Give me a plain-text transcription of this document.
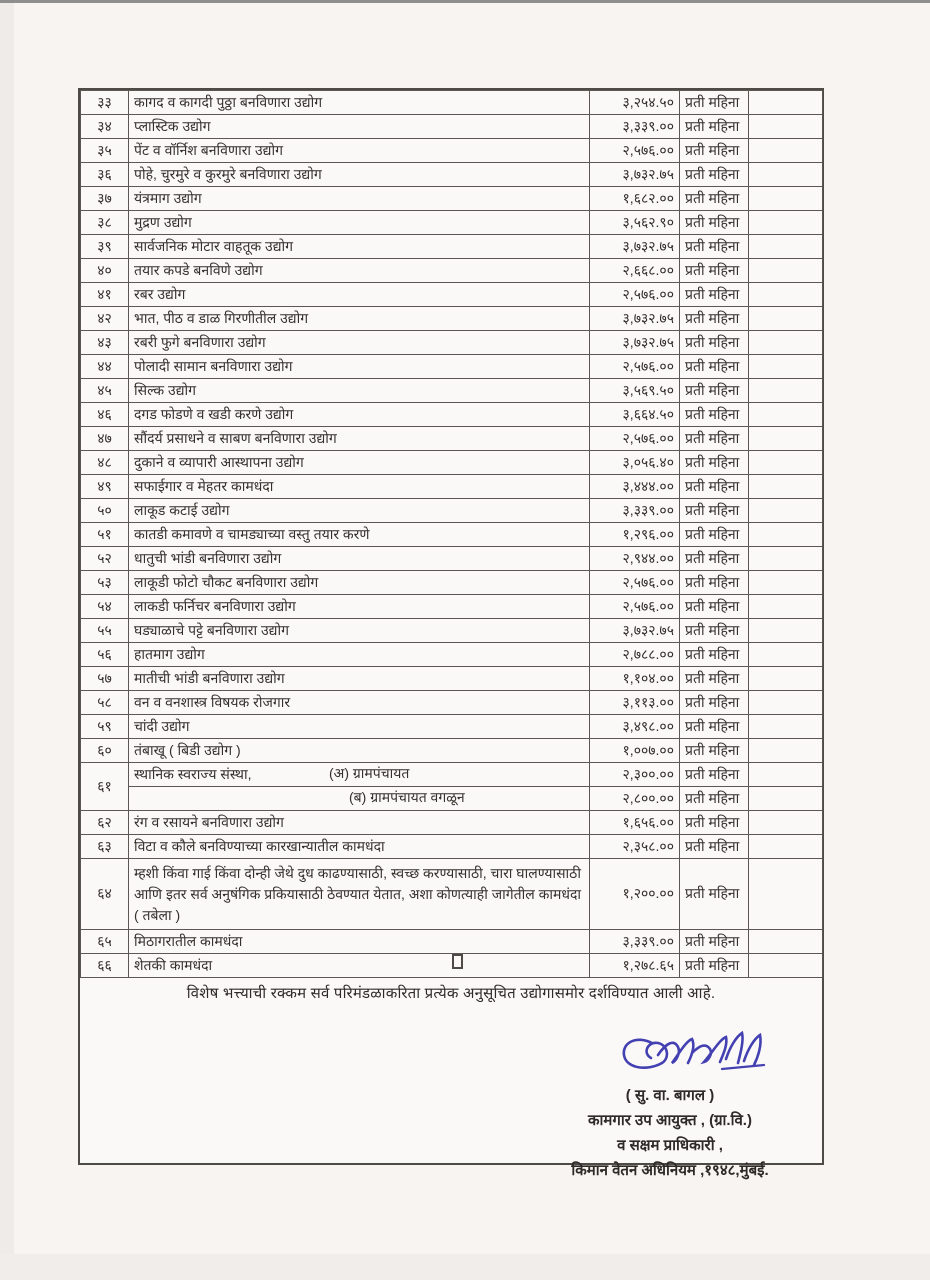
३३	कागद व कागदी पुठ्ठा बनविणारा उद्योग	३,२५४.५०	प्रती महिना	
३४	प्लास्टिक उद्योग	३,३३९.००	प्रती महिना	
३५	पेंट व वॉर्निश बनविणारा उद्योग	२,५७६.००	प्रती महिना	
३६	पोहे, चुरमुरे व कुरमुरे बनविणारा उद्योग	३,७३२.७५	प्रती महिना	
३७	यंत्रमाग उद्योग	१,६८२.००	प्रती महिना	
३८	मुद्रण उद्योग	३,५६२.९०	प्रती महिना	
३९	सार्वजनिक मोटार वाहतूक उद्योग	३,७३२.७५	प्रती महिना	
४०	तयार कपडे बनविणे उद्योग	२,६६८.००	प्रती महिना	
४१	रबर उद्योग	२,५७६.००	प्रती महिना	
४२	भात, पीठ व डाळ गिरणीतील उद्योग	३,७३२.७५	प्रती महिना	
४३	रबरी फुगे बनविणारा उद्योग	३,७३२.७५	प्रती महिना	
४४	पोलादी सामान बनविणारा उद्योग	२,५७६.००	प्रती महिना	
४५	सिल्क उद्योग	३,५६९.५०	प्रती महिना	
४६	दगड फोडणे व खडी करणे उद्योग	३,६६४.५०	प्रती महिना	
४७	सौंदर्य प्रसाधने व साबण बनविणारा उद्योग	२,५७६.००	प्रती महिना	
४८	दुकाने व व्यापारी आस्थापना उद्योग	३,०५६.४०	प्रती महिना	
४९	सफाईगार व मेहतर कामधंदा	३,४४४.००	प्रती महिना	
५०	लाकूड कटाई उद्योग	३,३३९.००	प्रती महिना	
५१	कातडी कमावणे व चामड्याच्या वस्तु तयार करणे	१,२९६.००	प्रती महिना	
५२	धातुची भांडी बनविणारा उद्योग	२,९४४.००	प्रती महिना	
५३	लाकूडी फोटो चौकट बनविणारा उद्योग	२,५७६.००	प्रती महिना	
५४	लाकडी फर्निचर बनविणारा उद्योग	२,५७६.००	प्रती महिना	
५५	घड्याळाचे पट्टे बनविणारा उद्योग	३,७३२.७५	प्रती महिना	
५६	हातमाग उद्योग	२,७८८.००	प्रती महिना	
५७	मातीची भांडी बनविणारा उद्योग	१,१०४.००	प्रती महिना	
५८	वन व वनशास्त्र विषयक रोजगार	३,११३.००	प्रती महिना	
५९	चांदी उद्योग	३,४९८.००	प्रती महिना	
६०	तंबाखू ( बिडी उद्योग )	१,००७.००	प्रती महिना	
६१	स्थानिक स्वराज्य संस्था, (अ) ग्रामपंचायत	२,३००.००	प्रती महिना	

	(ब) ग्रामपंचायत वगळून	२,८००.००	प्रती महिना	
६२	रंग व रसायने बनविणारा उद्योग	१,६५६.००	प्रती महिना	
६३	विटा व कौले बनविण्याच्या कारखान्यातील कामधंदा	२,३५८.००	प्रती महिना	
६४	म्हशी किंवा गाई किंवा दोन्ही जेथे दुध काढण्यासाठी, स्वच्छ करण्यासाठी, चारा घालण्यासाठी आणि इतर सर्व अनुषंगिक प्रकियासाठी ठेवण्यात येतात, अशा कोणत्याही जागेतील कामधंदा ( तबेला )	१,२००.००	प्रती महिना	
६५	मिठागरातील कामधंदा	३,३३९.००	प्रती महिना	
६६	शेतकी कामधंदा	१,२७८.६५	प्रती महिना	
विशेष भत्त्याची रक्कम सर्व परिमंडळाकरिता प्रत्येक अनुसूचित उद्योगासमोर दर्शविण्यात आली आहे.
( सु. वा. बागल )
कामगार उप आयुक्त , (ग्रा.वि.)
व सक्षम प्राधिकारी ,
किमान वेतन अधिनियम ,१९४८,मुंबई.
